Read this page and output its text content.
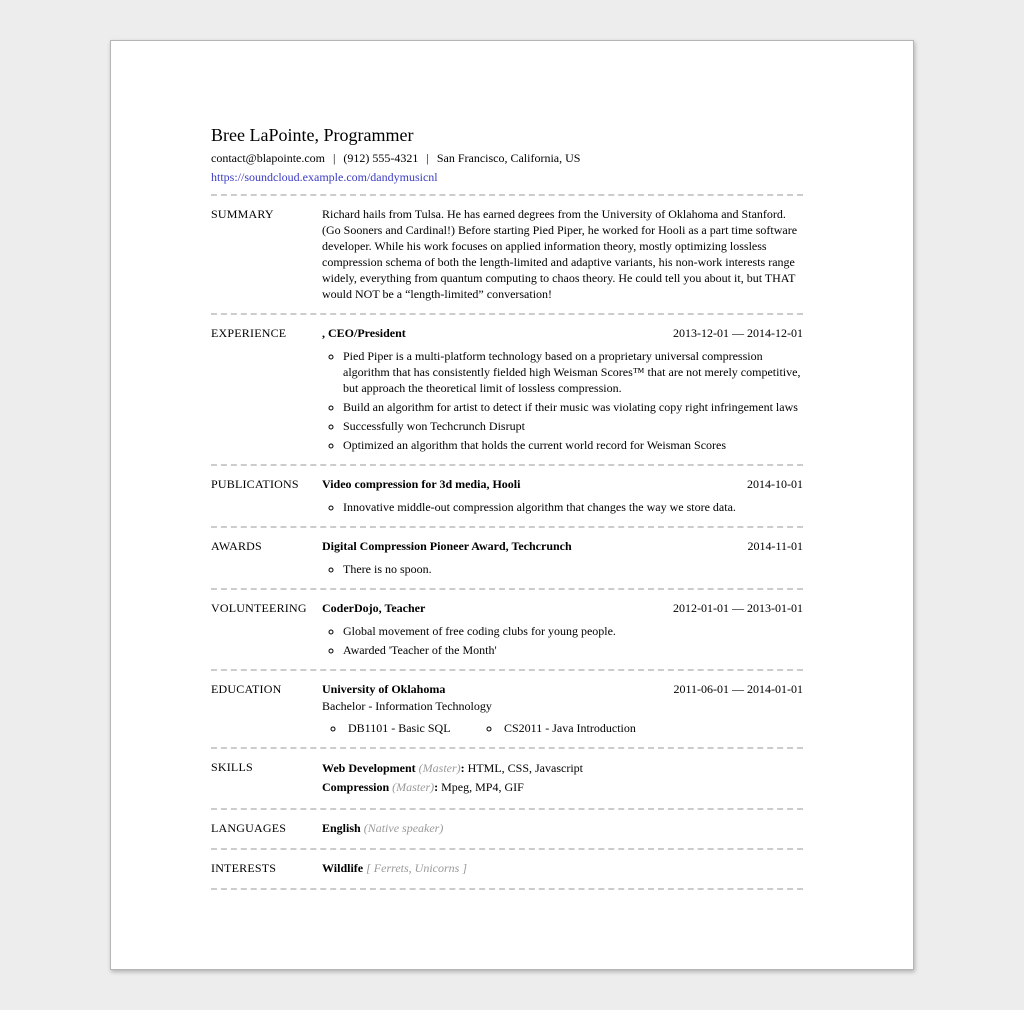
Bree LaPointe, Programmer
contact@blapointe.com | (912) 555-4321 | San Francisco, California, US
https://soundcloud.example.com/dandymusicnl
SUMMARY	Richard hails from Tulsa. He has earned degrees from the University of Oklahoma and Stanford. (Go Sooners and Cardinal!) Before starting Pied Piper, he worked for Hooli as a part time software developer. While his work focuses on applied information theory, mostly optimizing lossless compression schema of both the length-limited and adaptive variants, his non-work interests range widely, everything from quantum computing to chaos theory. He could tell you about it, but THAT would NOT be a “length-limited” conversation!
EXPERIENCE	, CEO/President	2013-12-01 — 2014-12-01
◦ Pied Piper is a multi-platform technology based on a proprietary universal compression algorithm that has consistently fielded high Weisman Scores™ that are not merely competitive, but approach the theoretical limit of lossless compression.
◦ Build an algorithm for artist to detect if their music was violating copy right infringement laws
◦ Successfully won Techcrunch Disrupt
◦ Optimized an algorithm that holds the current world record for Weisman Scores
PUBLICATIONS	Video compression for 3d media, Hooli	2014-10-01
◦ Innovative middle-out compression algorithm that changes the way we store data.
AWARDS	Digital Compression Pioneer Award, Techcrunch	2014-11-01
◦ There is no spoon.
VOLUNTEERING	CoderDojo, Teacher	2012-01-01 — 2013-01-01
◦ Global movement of free coding clubs for young people.
◦ Awarded 'Teacher of the Month'
EDUCATION	University of Oklahoma	2011-06-01 — 2014-01-01
Bachelor - Information Technology
◦ DB1101 - Basic SQL	◦ CS2011 - Java Introduction
SKILLS	Web Development (Master): HTML, CSS, Javascript
Compression (Master): Mpeg, MP4, GIF
LANGUAGES	English (Native speaker)
INTERESTS	Wildlife [ Ferrets, Unicorns ]
